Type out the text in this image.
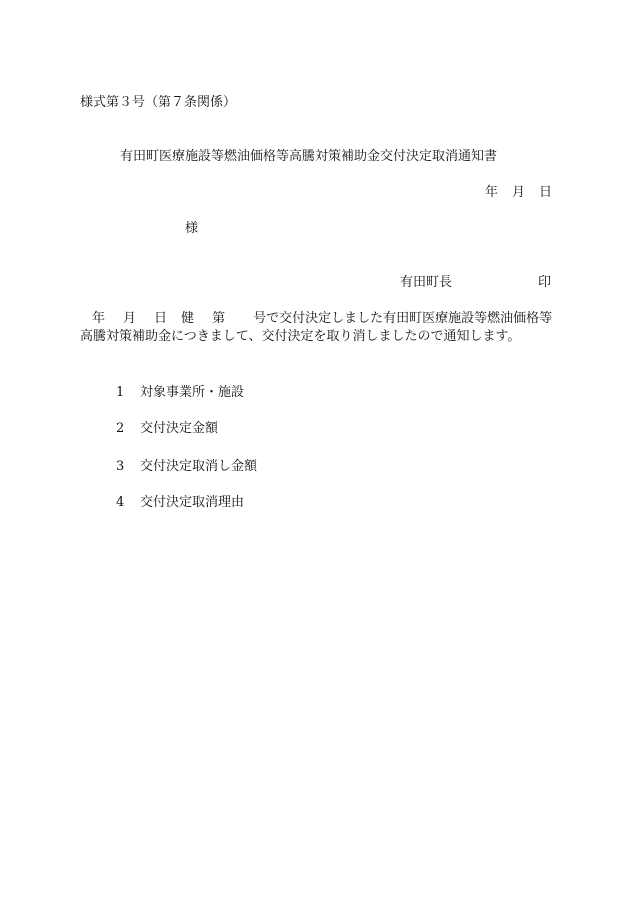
様式第３号（第７条関係）
有田町医療施設等燃油価格等高騰対策補助金交付決定取消通知書
年 月 日
様
有田町長	印
年 月 日 健 第 号で交付決定しました有田町医療施設等燃油価格等
高騰対策補助金につきまして、交付決定を取り消しましたので通知します。
1 対象事業所・施設
2 交付決定金額
3 交付決定取消し金額
4 交付決定取消理由
